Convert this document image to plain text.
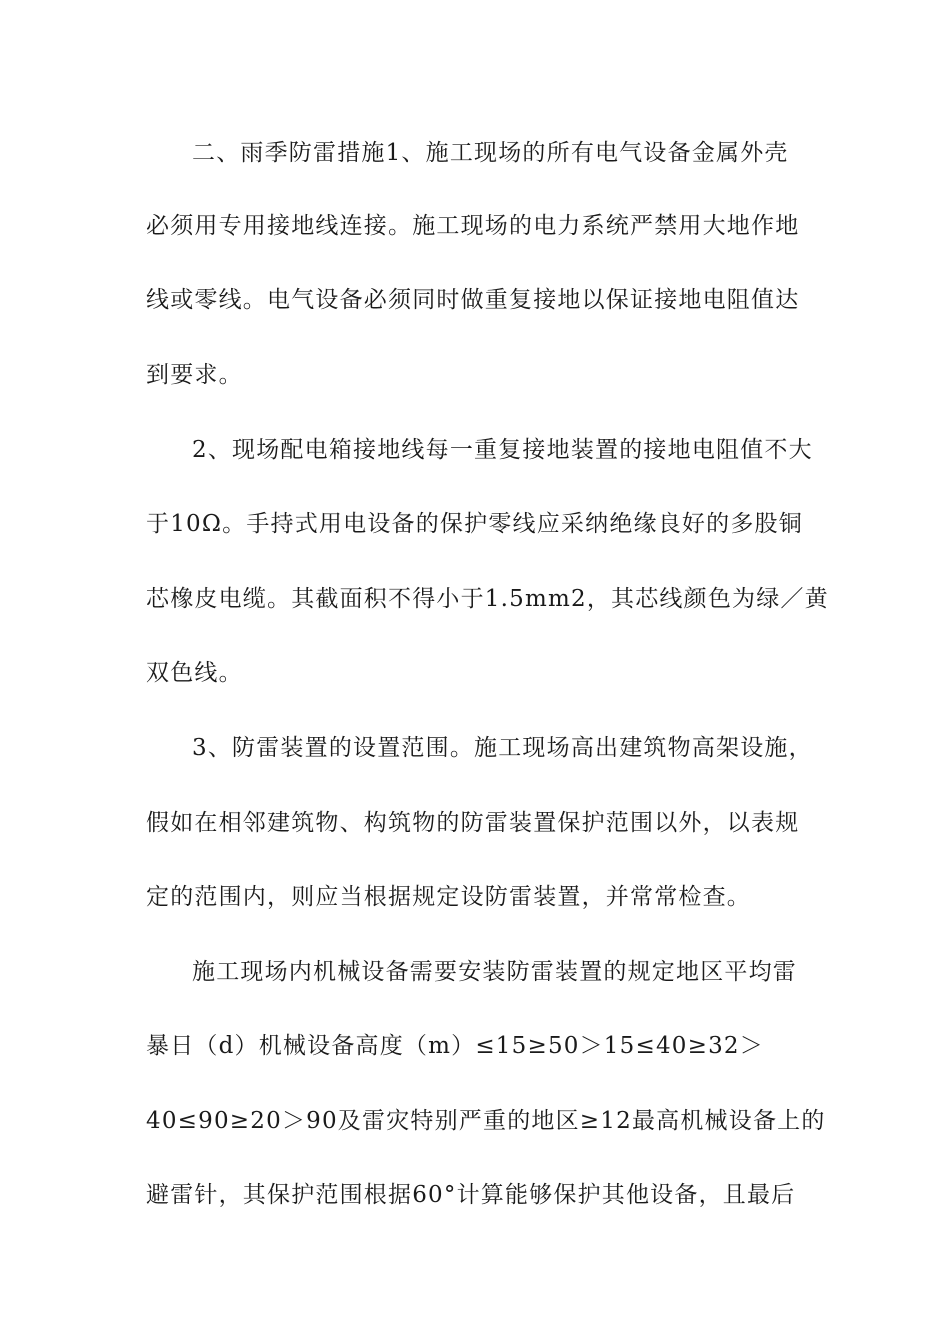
二、雨季防雷措施1、施工现场的所有电气设备金属外壳
必须用专用接地线连接。施工现场的电力系统严禁用大地作地
线或零线。电气设备必须同时做重复接地以保证接地电阻值达
到要求。
2、现场配电箱接地线每一重复接地装置的接地电阻值不大
于10Ω。手持式用电设备的保护零线应采纳绝缘良好的多股铜
芯橡皮电缆。其截面积不得小于1.5mm2，其芯线颜色为绿／黄
双色线。
3、防雷装置的设置范围。施工现场高出建筑物高架设施，
假如在相邻建筑物、构筑物的防雷装置保护范围以外，以表规
定的范围内，则应当根据规定设防雷装置，并常常检查。
施工现场内机械设备需要安装防雷装置的规定地区平均雷
暴日（d）机械设备高度（m）≤15≥50＞15≤40≥32＞
40≤90≥20＞90及雷灾特别严重的地区≥12最高机械设备上的
避雷针，其保护范围根据60°计算能够保护其他设备，且最后
